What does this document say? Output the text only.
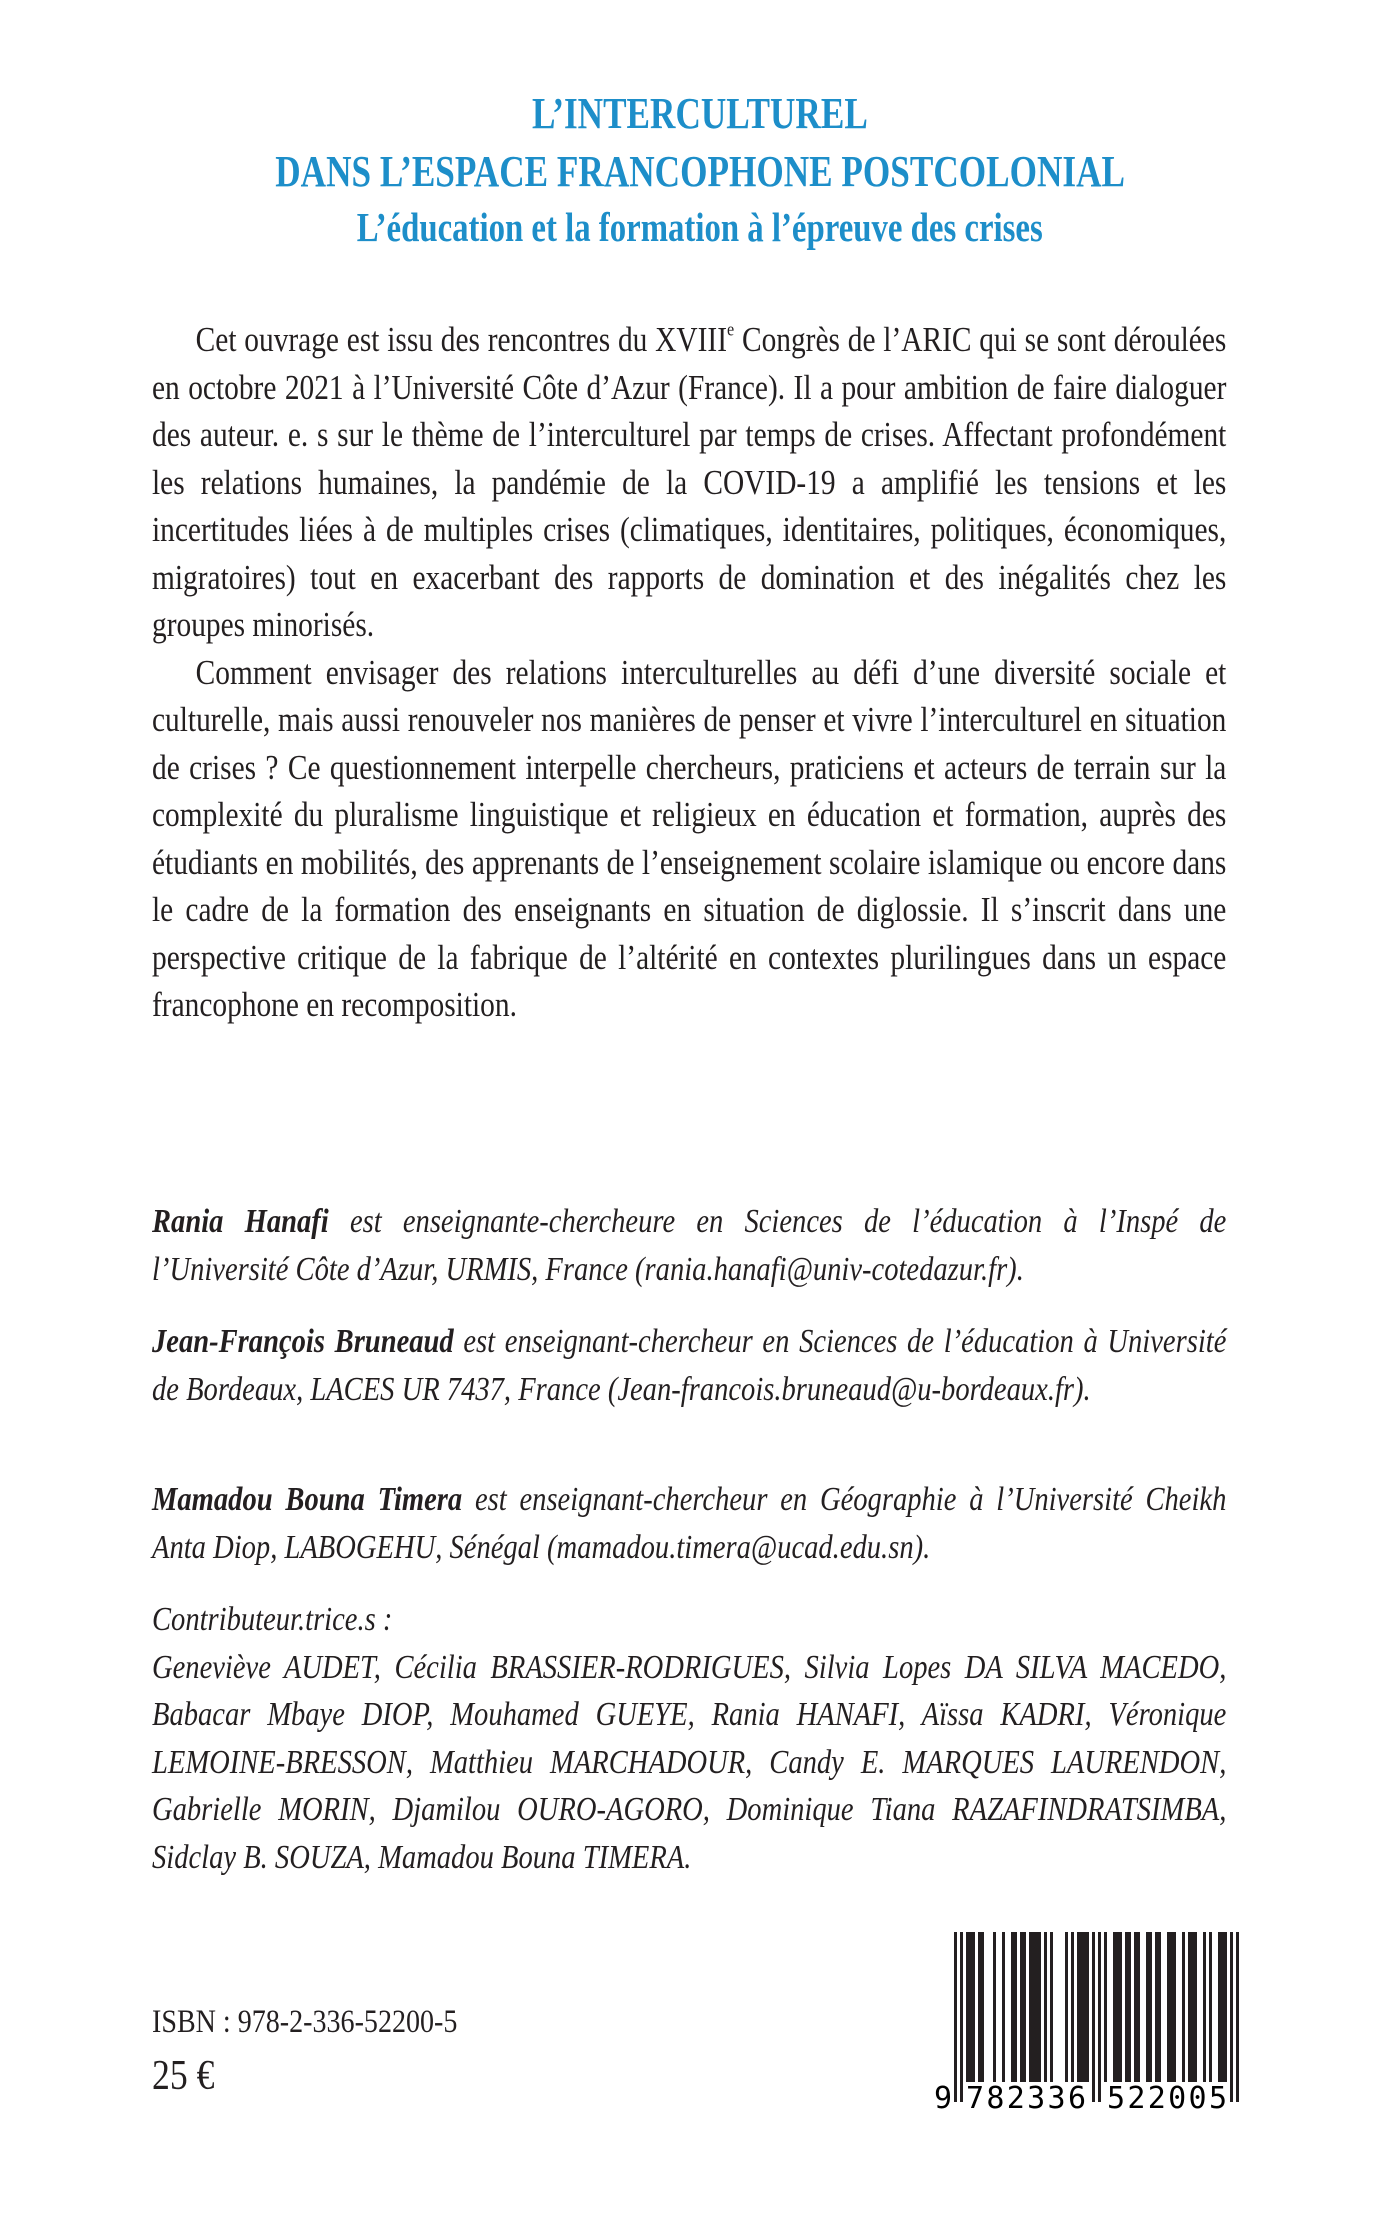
L’INTERCULTUREL
DANS L’ESPACE FRANCOPHONE POSTCOLONIAL
L’éducation et la formation à l’épreuve des crises

Cet ouvrage est issu des rencontres du XVIIIe Congrès de l’ARIC qui se sont déroulées en octobre 2021 à l’Université Côte d’Azur (France). Il a pour ambition de faire dialoguer des auteur. e. s sur le thème de l’interculturel par temps de crises. Affectant profondément les relations humaines, la pandémie de la COVID-19 a amplifié les tensions et les incertitudes liées à de multiples crises (climatiques, identitaires, politiques, économiques, migratoires) tout en exacerbant des rapports de domination et des inégalités chez les groupes minorisés.

Comment envisager des relations interculturelles au défi d’une diversité sociale et culturelle, mais aussi renouveler nos manières de penser et vivre l’interculturel en situation de crises ? Ce questionnement interpelle chercheurs, praticiens et acteurs de terrain sur la complexité du pluralisme linguistique et religieux en éducation et formation, auprès des étudiants en mobilités, des apprenants de l’enseignement scolaire islamique ou encore dans le cadre de la formation des enseignants en situation de diglossie. Il s’inscrit dans une perspective critique de la fabrique de l’altérité en contextes plurilingues dans un espace francophone en recomposition.

Rania Hanafi est enseignante-chercheure en Sciences de l’éducation à l’Inspé de l’Université Côte d’Azur, URMIS, France (rania.hanafi@univ-cotedazur.fr).
Jean-François Bruneaud est enseignant-chercheur en Sciences de l’éducation à Université de Bordeaux, LACES UR 7437, France (Jean-francois.bruneaud@u-bordeaux.fr).
Mamadou Bouna Timera est enseignant-chercheur en Géographie à l’Université Cheikh Anta Diop, LABOGEHU, Sénégal (mamadou.timera@ucad.edu.sn).
Contributeur.trice.s :
Geneviève AUDET, Cécilia BRASSIER-RODRIGUES, Silvia Lopes DA SILVA MACEDO, Babacar Mbaye DIOP, Mouhamed GUEYE, Rania HANAFI, Aïssa KADRI, Véronique LEMOINE-BRESSON, Matthieu MARCHADOUR, Candy E. MARQUES LAURENDON, Gabrielle MORIN, Djamilou OURO-AGORO, Dominique Tiana RAZAFINDRATSIMBA, Sidclay B. SOUZA, Mamadou Bouna TIMERA.
ISBN : 978-2-336-52200-5
25 €	9 782336 522005
